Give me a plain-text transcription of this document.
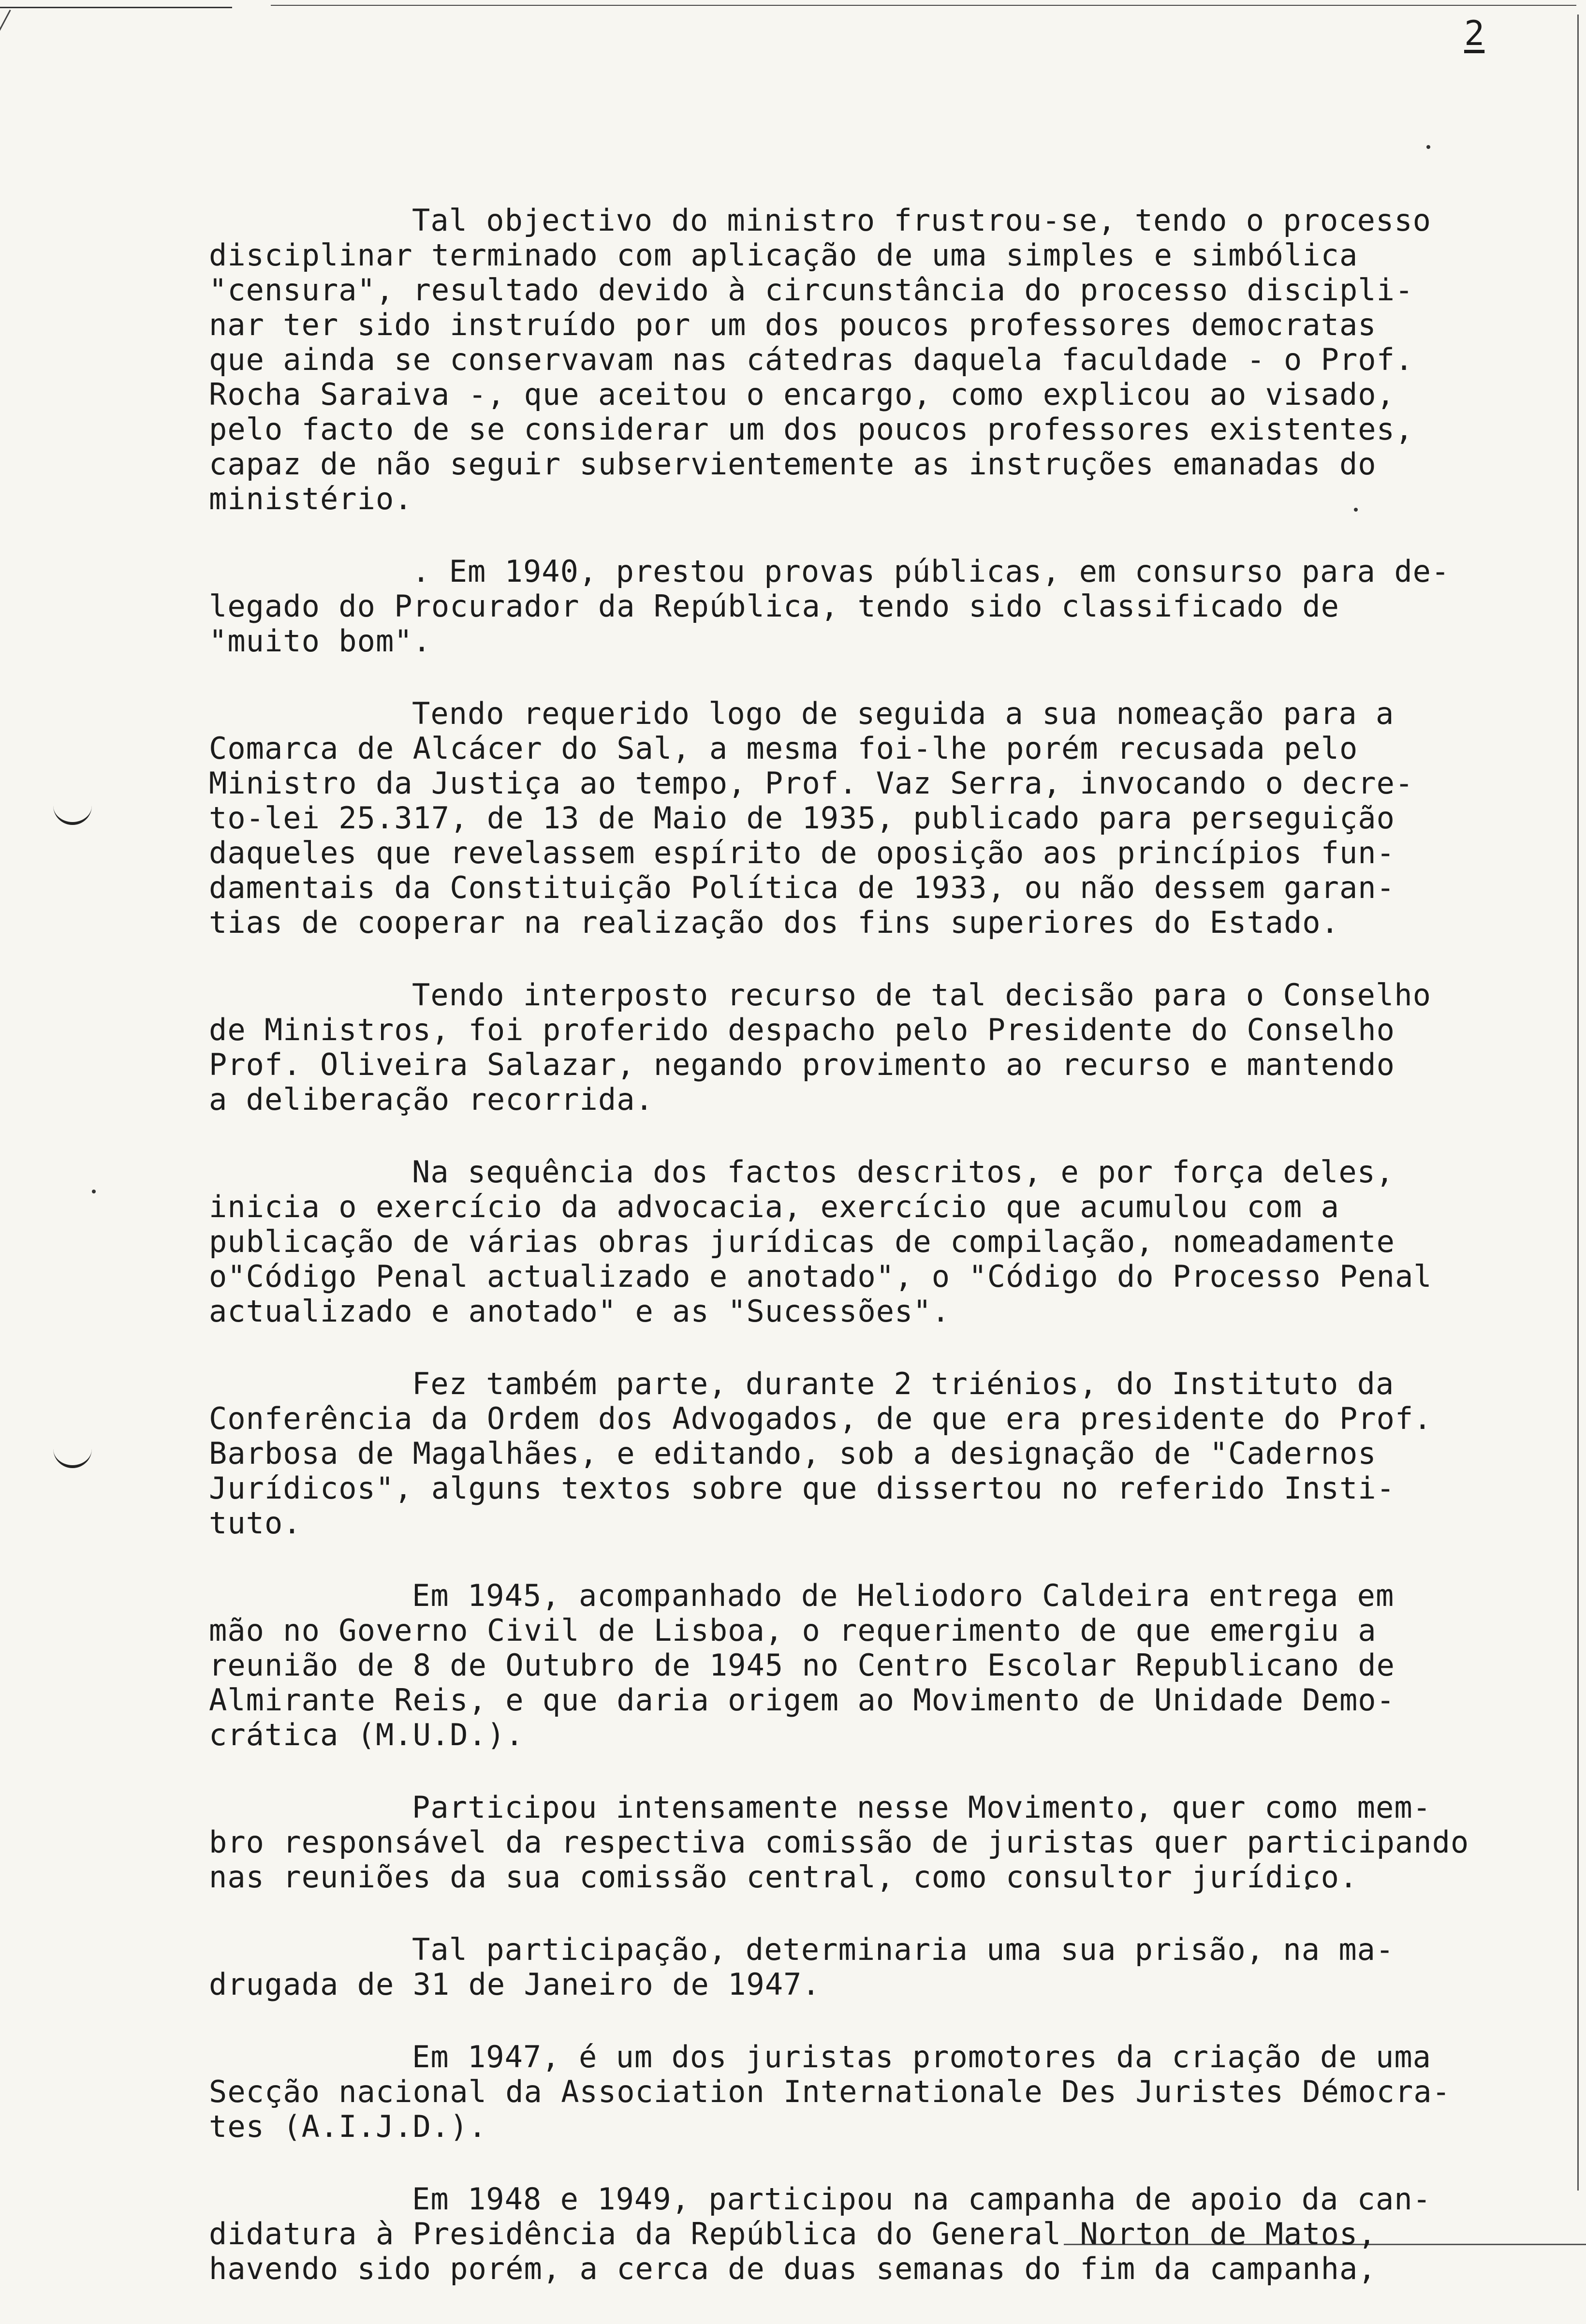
2
Tal objectivo do ministro frustrou-se, tendo o processo
disciplinar terminado com aplicação de uma simples e simbólica
"censura", resultado devido à circunstância do processo discipli-
nar ter sido instruído por um dos poucos professores democratas
que ainda se conservavam nas cátedras daquela faculdade - o Prof.
Rocha Saraiva -, que aceitou o encargo, como explicou ao visado,
pelo facto de se considerar um dos poucos professores existentes,
capaz de não seguir subservientemente as instruções emanadas do
ministério.
. Em 1940, prestou provas públicas, em consurso para de-
legado do Procurador da República, tendo sido classificado de
"muito bom".
Tendo requerido logo de seguida a sua nomeação para a
Comarca de Alcácer do Sal, a mesma foi-lhe porém recusada pelo
Ministro da Justiça ao tempo, Prof. Vaz Serra, invocando o decre-
to-lei 25.317, de 13 de Maio de 1935, publicado para perseguição
daqueles que revelassem espírito de oposição aos princípios fun-
damentais da Constituição Política de 1933, ou não dessem garan-
tias de cooperar na realização dos fins superiores do Estado.
Tendo interposto recurso de tal decisão para o Conselho
de Ministros, foi proferido despacho pelo Presidente do Conselho
Prof. Oliveira Salazar, negando provimento ao recurso e mantendo
a deliberação recorrida.
Na sequência dos factos descritos, e por força deles,
inicia o exercício da advocacia, exercício que acumulou com a
publicação de várias obras jurídicas de compilação, nomeadamente
o"Código Penal actualizado e anotado", o "Código do Processo Penal
actualizado e anotado" e as "Sucessões".
Fez também parte, durante 2 triénios, do Instituto da
Conferência da Ordem dos Advogados, de que era presidente do Prof.
Barbosa de Magalhães, e editando, sob a designação de "Cadernos
Jurídicos", alguns textos sobre que dissertou no referido Insti-
tuto.
Em 1945, acompanhado de Heliodoro Caldeira entrega em
mão no Governo Civil de Lisboa, o requerimento de que emergiu a
reunião de 8 de Outubro de 1945 no Centro Escolar Republicano de
Almirante Reis, e que daria origem ao Movimento de Unidade Demo-
crática (M.U.D.).
Participou intensamente nesse Movimento, quer como mem-
bro responsável da respectiva comissão de juristas quer participando
nas reuniões da sua comissão central, como consultor jurídico.
Tal participação, determinaria uma sua prisão, na ma-
drugada de 31 de Janeiro de 1947.
Em 1947, é um dos juristas promotores da criação de uma
Secção nacional da Association Internationale Des Juristes Démocra-
tes (A.I.J.D.).
Em 1948 e 1949, participou na campanha de apoio da can-
didatura à Presidência da República do General Norton de Matos,
havendo sido porém, a cerca de duas semanas do fim da campanha,
